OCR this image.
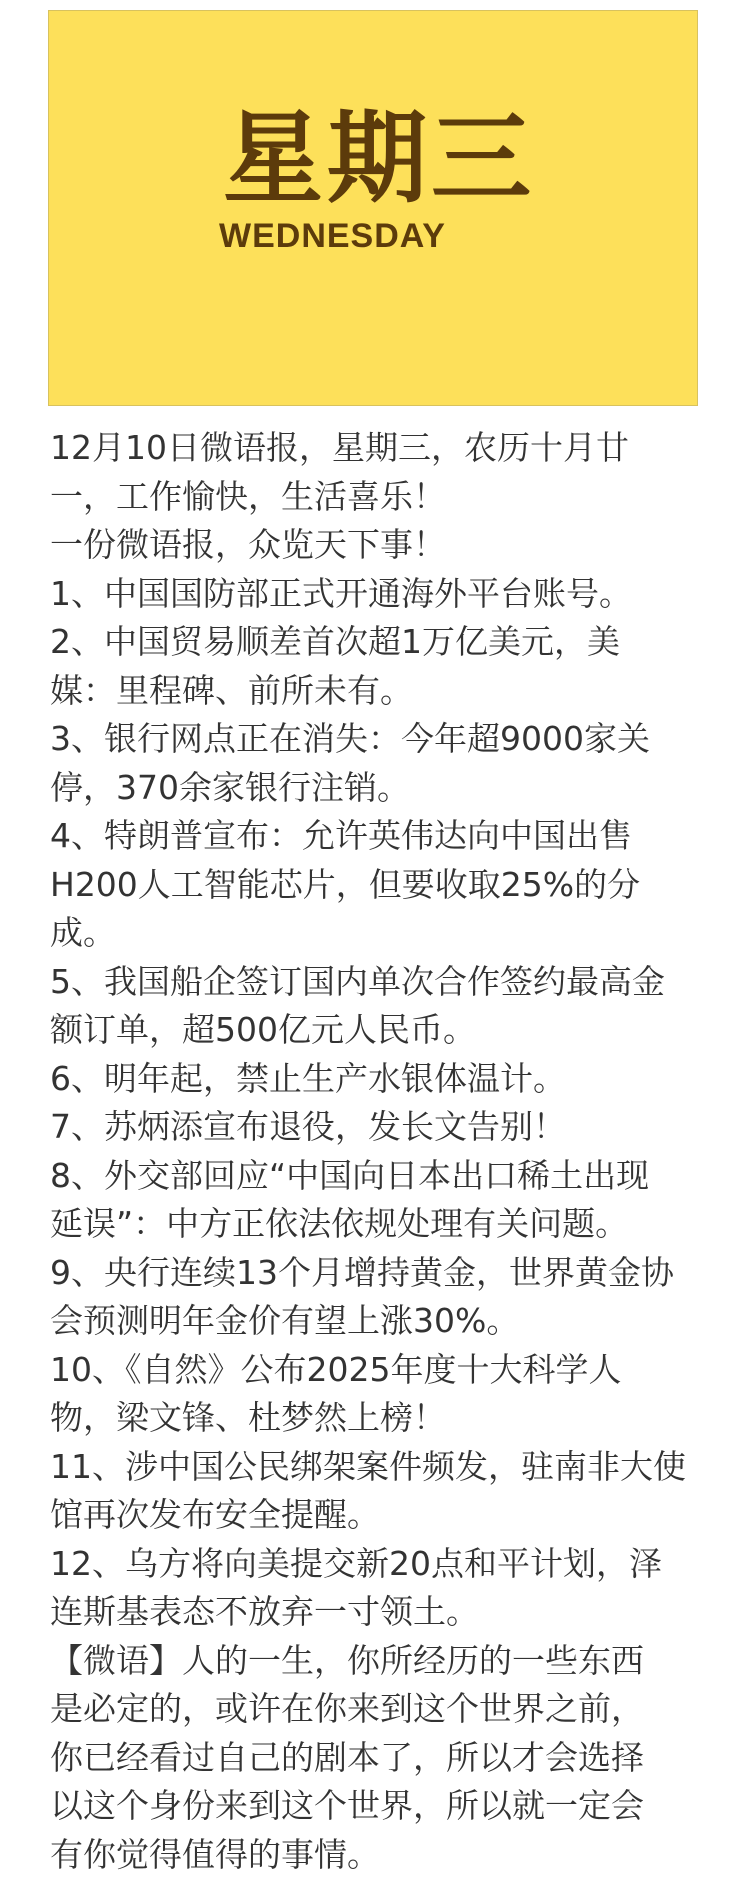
星期三
WEDNESDAY
12月10日微语报，星期三，农历十月廿
一，工作愉快，生活喜乐！
一份微语报，众览天下事！
1、中国国防部正式开通海外平台账号。
2、中国贸易顺差首次超1万亿美元，美
媒：里程碑、前所未有。
3、银行网点正在消失：今年超9000家关
停，370余家银行注销。
4、特朗普宣布：允许英伟达向中国出售
H200人工智能芯片，但要收取25%的分
成。
5、我国船企签订国内单次合作签约最高金
额订单，超500亿元人民币。
6、明年起，禁止生产水银体温计。
7、苏炳添宣布退役，发长文告别！
8、外交部回应“中国向日本出口稀土出现
延误”：中方正依法依规处理有关问题。
9、央行连续13个月增持黄金，世界黄金协
会预测明年金价有望上涨30%。
10、《自然》公布2025年度十大科学人
物，梁文锋、杜梦然上榜！
11、涉中国公民绑架案件频发，驻南非大使
馆再次发布安全提醒。
12、乌方将向美提交新20点和平计划，泽
连斯基表态不放弃一寸领土。
【微语】人的一生，你所经历的一些东西
是必定的，或许在你来到这个世界之前，
你已经看过自己的剧本了，所以才会选择
以这个身份来到这个世界，所以就一定会
有你觉得值得的事情。
